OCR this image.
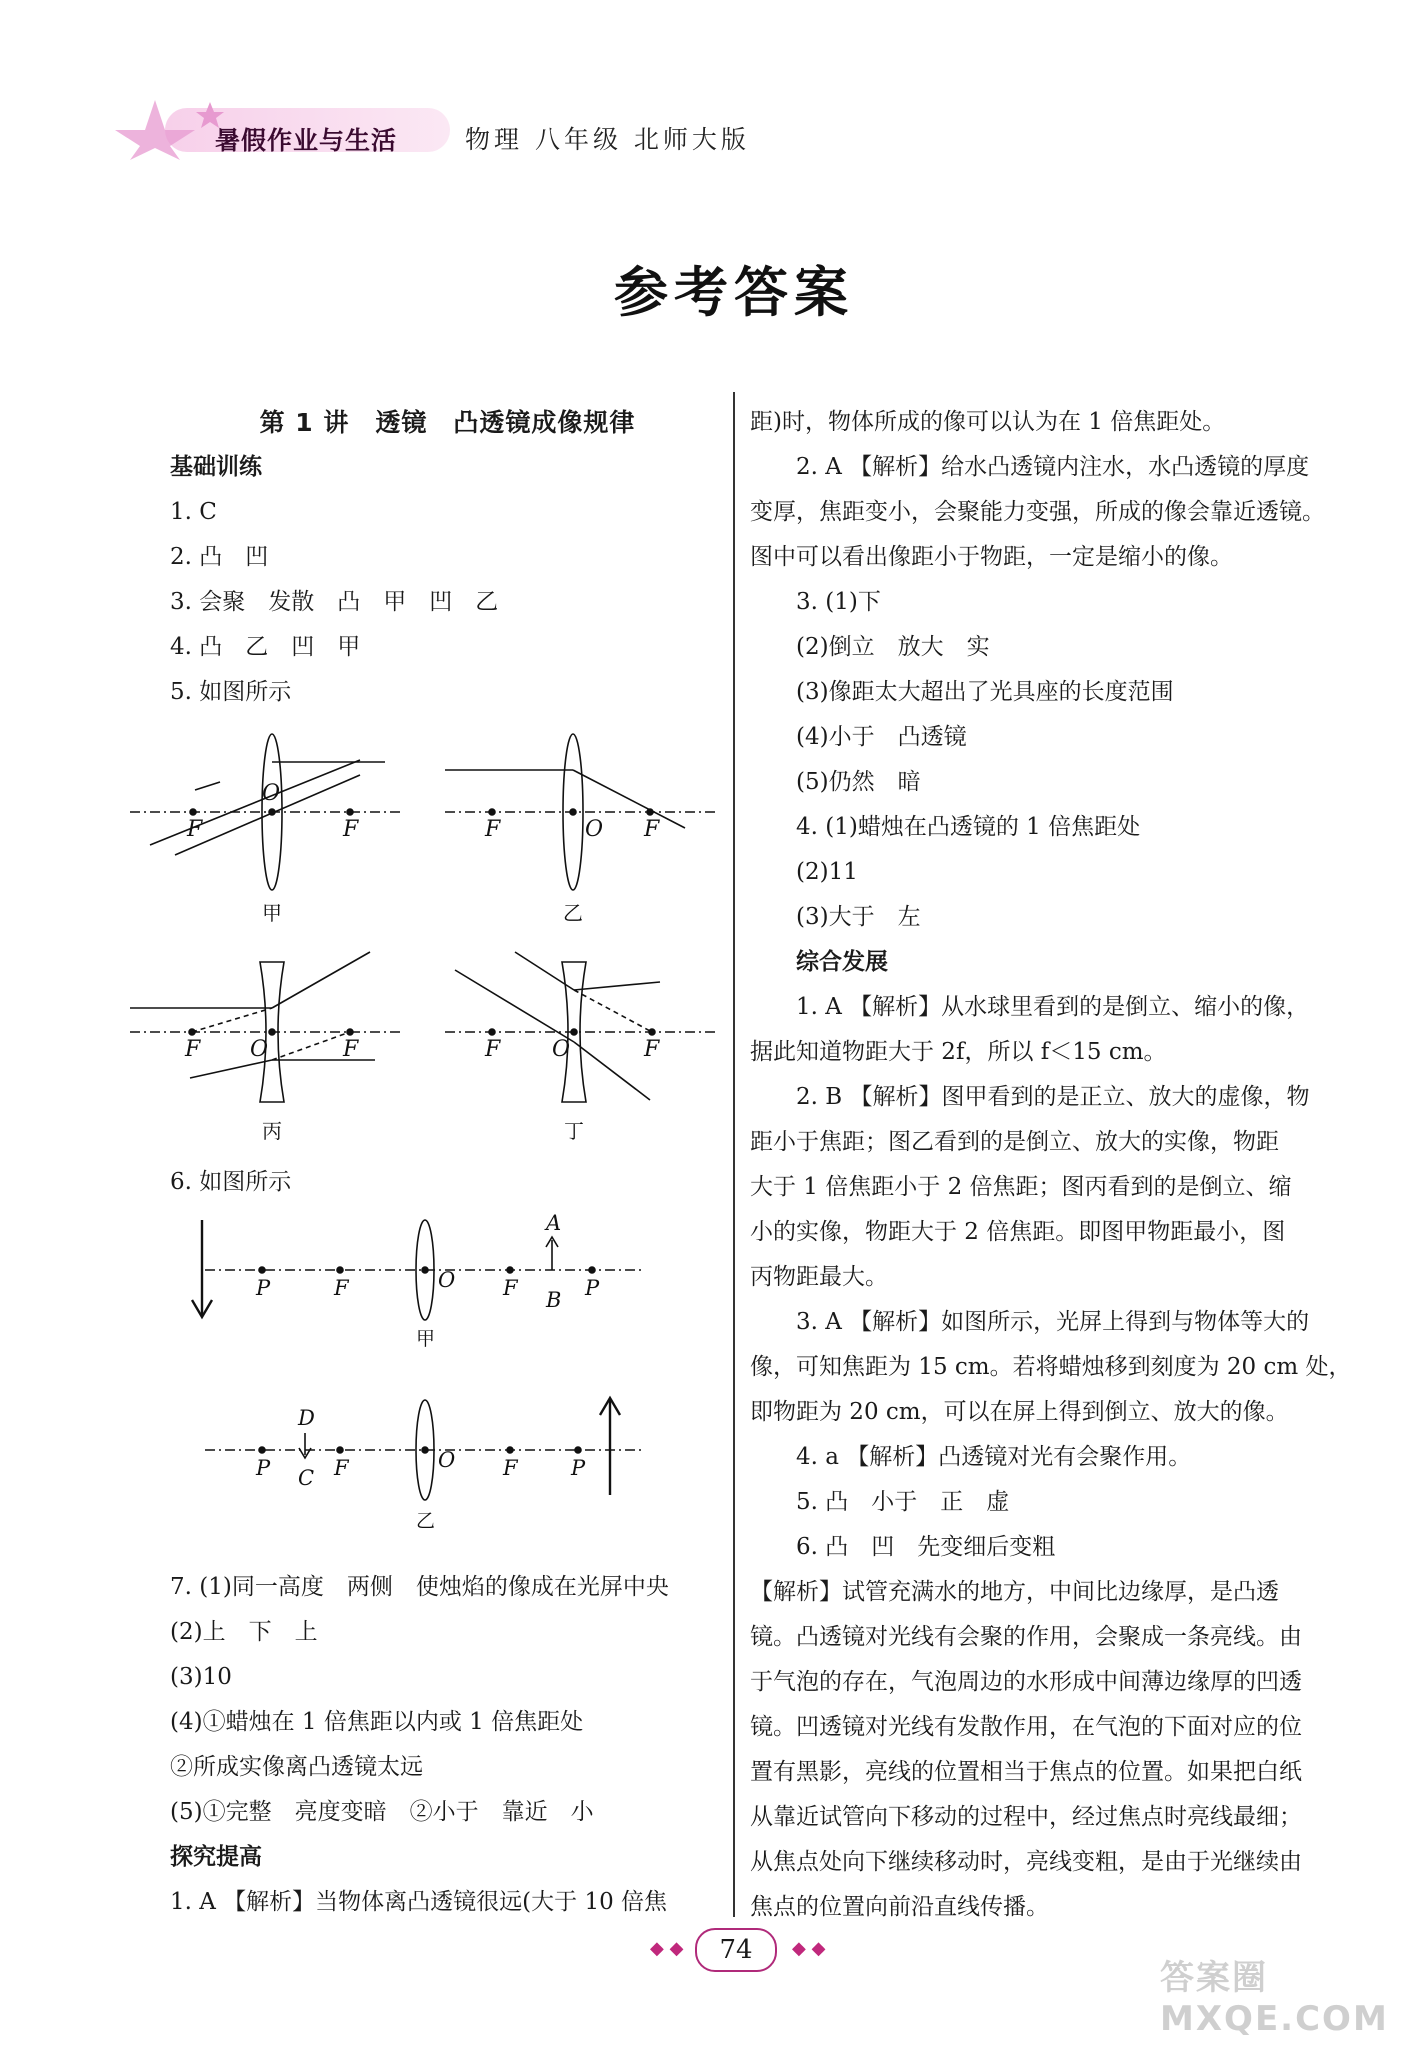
暑假作业与生活	物理 八年级 北师大版
参考答案
第 1 讲　透镜　凸透镜成像规律
基础训练
1. C
2. 凸　凹
3. 会聚　发散　凸　甲　凹　乙
4. 凸　乙　凹　甲
5. 如图所示
6. 如图所示
7. (1)同一高度　两侧　使烛焰的像成在光屏中央
(2)上　下　上
(3)10
(4)①蜡烛在 1 倍焦距以内或 1 倍焦距处
②所成实像离凸透镜太远
(5)①完整　亮度变暗　②小于　靠近　小
探究提高
1. A 【解析】当物体离凸透镜很远(大于 10 倍焦
F
O
F
甲
F	O F
乙
F O	F
丙
F O	F
丁
P	F	O F
A
B P
甲
P
D
C F	O F	P
乙
距)时，物体所成的像可以认为在 1 倍焦距处。
2. A 【解析】给水凸透镜内注水，水凸透镜的厚度
变厚，焦距变小，会聚能力变强，所成的像会靠近透镜。
图中可以看出像距小于物距，一定是缩小的像。
3. (1)下
(2)倒立　放大　实
(3)像距太大超出了光具座的长度范围
(4)小于　凸透镜
(5)仍然　暗
4. (1)蜡烛在凸透镜的 1 倍焦距处
(2)11
(3)大于　左
综合发展
1. A 【解析】从水球里看到的是倒立、缩小的像，
据此知道物距大于 2f，所以 f＜15 cm。
2. B 【解析】图甲看到的是正立、放大的虚像，物
距小于焦距；图乙看到的是倒立、放大的实像，物距
大于 1 倍焦距小于 2 倍焦距；图丙看到的是倒立、缩
小的实像，物距大于 2 倍焦距。即图甲物距最小，图
丙物距最大。
3. A 【解析】如图所示，光屏上得到与物体等大的
像，可知焦距为 15 cm。若将蜡烛移到刻度为 20 cm 处，
即物距为 20 cm，可以在屏上得到倒立、放大的像。
4. a 【解析】凸透镜对光有会聚作用。
5. 凸　小于　正　虚
6. 凸　凹　先变细后变粗
【解析】试管充满水的地方，中间比边缘厚，是凸透
镜。凸透镜对光线有会聚的作用，会聚成一条亮线。由
于气泡的存在，气泡周边的水形成中间薄边缘厚的凹透
镜。凹透镜对光线有发散作用，在气泡的下面对应的位
置有黑影，亮线的位置相当于焦点的位置。如果把白纸
从靠近试管向下移动的过程中，经过焦点时亮线最细；
从焦点处向下继续移动时，亮线变粗，是由于光继续由
焦点的位置向前沿直线传播。
◆ ◆	74	◆ ◆
答案圈 MXQE.COM
